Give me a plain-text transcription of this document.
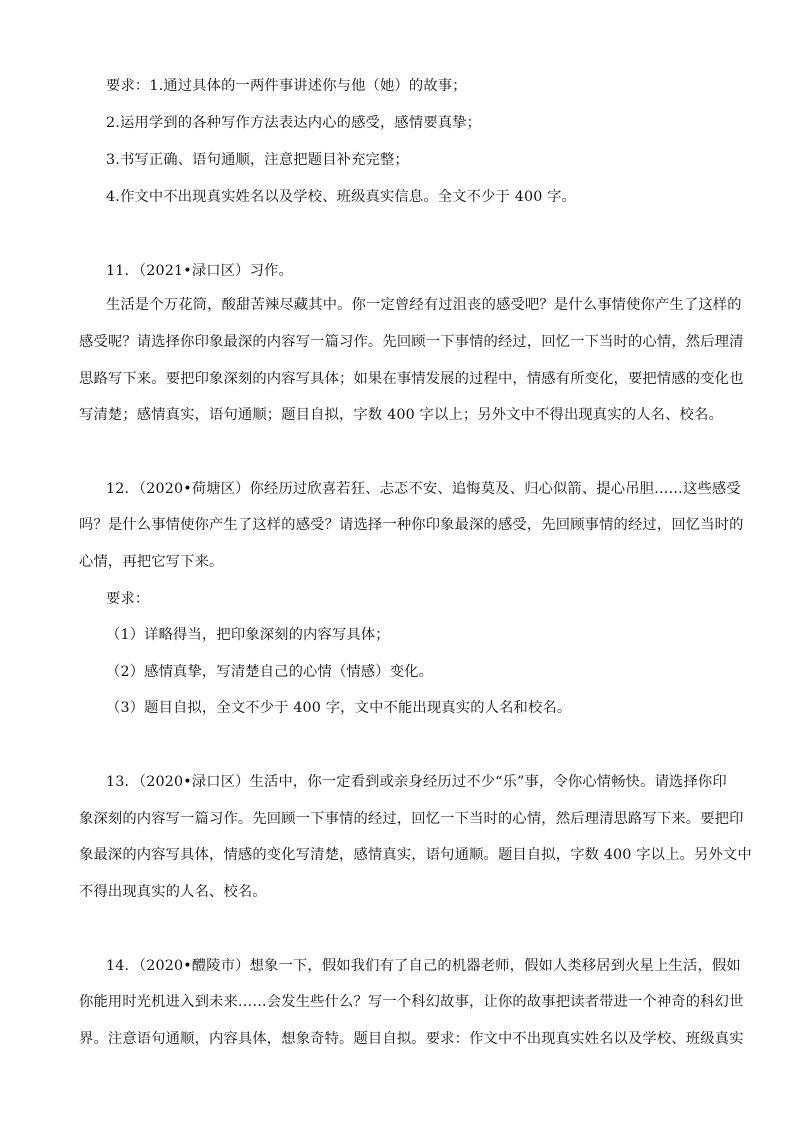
要求：1.通过具体的一两件事讲述你与他（她）的故事；
2.运用学到的各种写作方法表达内心的感受，感情要真挚；
3.书写正确、语句通顺，注意把题目补充完整；
4.作文中不出现真实姓名以及学校、班级真实信息。全文不少于 400 字。
11．（2021•渌口区）习作。
生活是个万花筒，酸甜苦辣尽藏其中。你一定曾经有过沮丧的感受吧？是什么事情使你产生了这样的
感受呢？请选择你印象最深的内容写一篇习作。先回顾一下事情的经过，回忆一下当时的心情，然后理清
思路写下来。要把印象深刻的内容写具体；如果在事情发展的过程中，情感有所变化，要把情感的变化也
写清楚；感情真实，语句通顺；题目自拟，字数 400 字以上；另外文中不得出现真实的人名、校名。
12．（2020•荷塘区）你经历过欣喜若狂、忐忑不安、追悔莫及、归心似箭、提心吊胆……这些感受
吗？是什么事情使你产生了这样的感受？请选择一种你印象最深的感受，先回顾事情的经过，回忆当时的
心情，再把它写下来。
要求：
（1）详略得当，把印象深刻的内容写具体；
（2）感情真挚，写清楚自己的心情（情感）变化。
（3）题目自拟，全文不少于 400 字，文中不能出现真实的人名和校名。
13．（2020•渌口区）生活中，你一定看到或亲身经历过不少“乐”事，令你心情畅快。请选择你印
象深刻的内容写一篇习作。先回顾一下事情的经过，回忆一下当时的心情，然后理清思路写下来。要把印
象最深的内容写具体，情感的变化写清楚，感情真实，语句通顺。题目自拟，字数 400 字以上。另外文中
不得出现真实的人名、校名。
14．（2020•醴陵市）想象一下，假如我们有了自己的机器老师，假如人类移居到火星上生活，假如
你能用时光机进入到未来……会发生些什么？写一个科幻故事，让你的故事把读者带进一个神奇的科幻世
界。注意语句通顺，内容具体，想象奇特。题目自拟。要求：作文中不出现真实姓名以及学校、班级真实
